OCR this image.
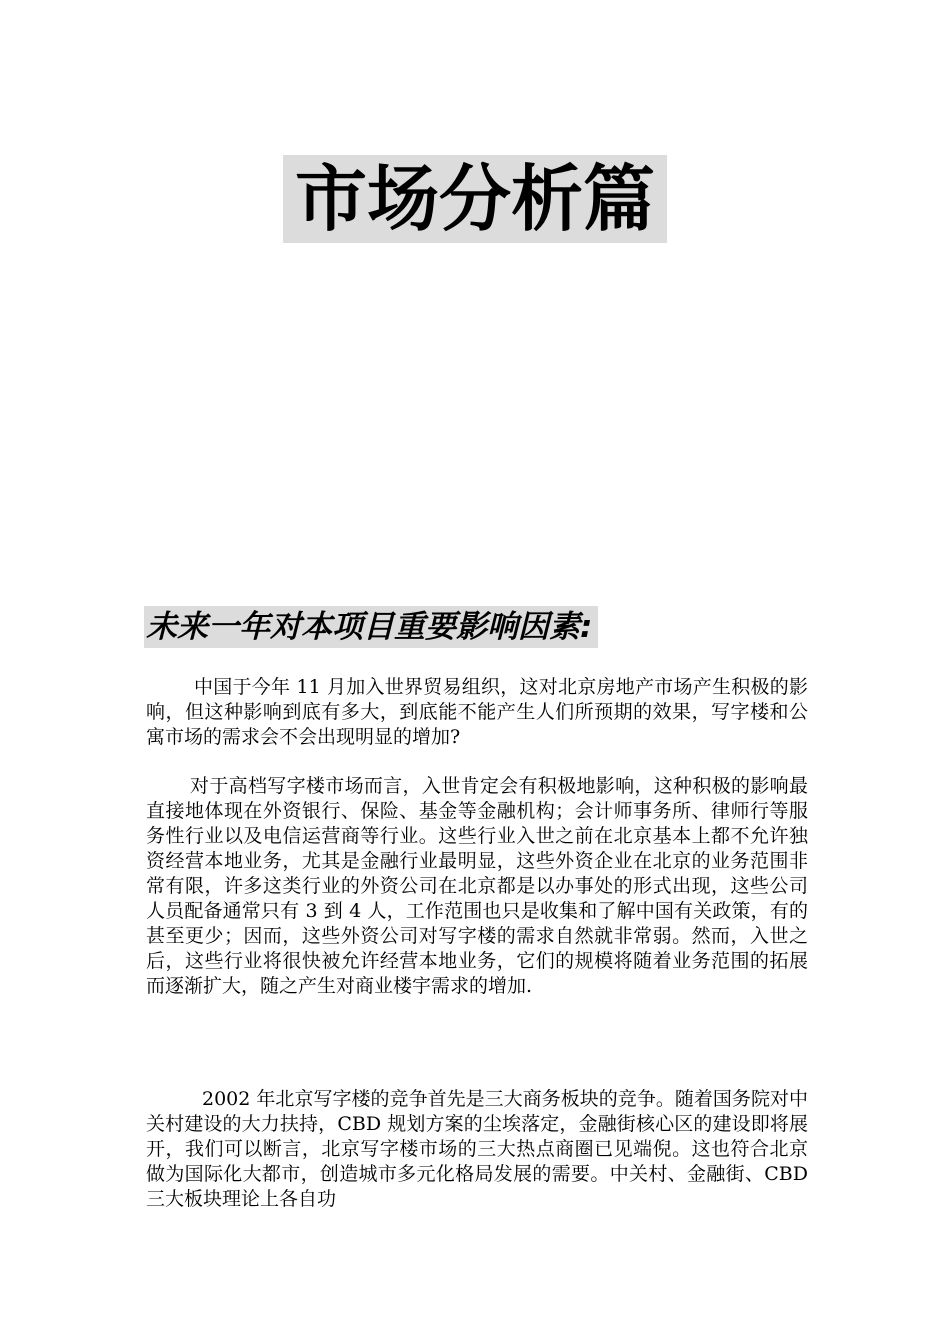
市场分析篇
未来一年对本项目重要影响因素:

中国于今年 11 月加入世界贸易组织，这对北京房地产市场产生积极的影响，但这种影响到底有多大，到底能不能产生人们所预期的效果，写字楼和公寓市场的需求会不会出现明显的增加?

对于高档写字楼市场而言，入世肯定会有积极地影响，这种积极的影响最直接地体现在外资银行、保险、基金等金融机构；会计师事务所、律师行等服务性行业以及电信运营商等行业。这些行业入世之前在北京基本上都不允许独资经营本地业务，尤其是金融行业最明显，这些外资企业在北京的业务范围非常有限，许多这类行业的外资公司在北京都是以办事处的形式出现，这些公司人员配备通常只有 3 到 4 人，工作范围也只是收集和了解中国有关政策，有的甚至更少；因而，这些外资公司对写字楼的需求自然就非常弱。然而，入世之后，这些行业将很快被允许经营本地业务，它们的规模将随着业务范围的拓展而逐渐扩大，随之产生对商业楼宇需求的增加.

2002 年北京写字楼的竞争首先是三大商务板块的竞争。随着国务院对中关村建设的大力扶持，CBD 规划方案的尘埃落定，金融街核心区的建设即将展开，我们可以断言，北京写字楼市场的三大热点商圈已见端倪。这也符合北京做为国际化大都市，创造城市多元化格局发展的需要。中关村、金融街、CBD 三大板块理论上各自功
